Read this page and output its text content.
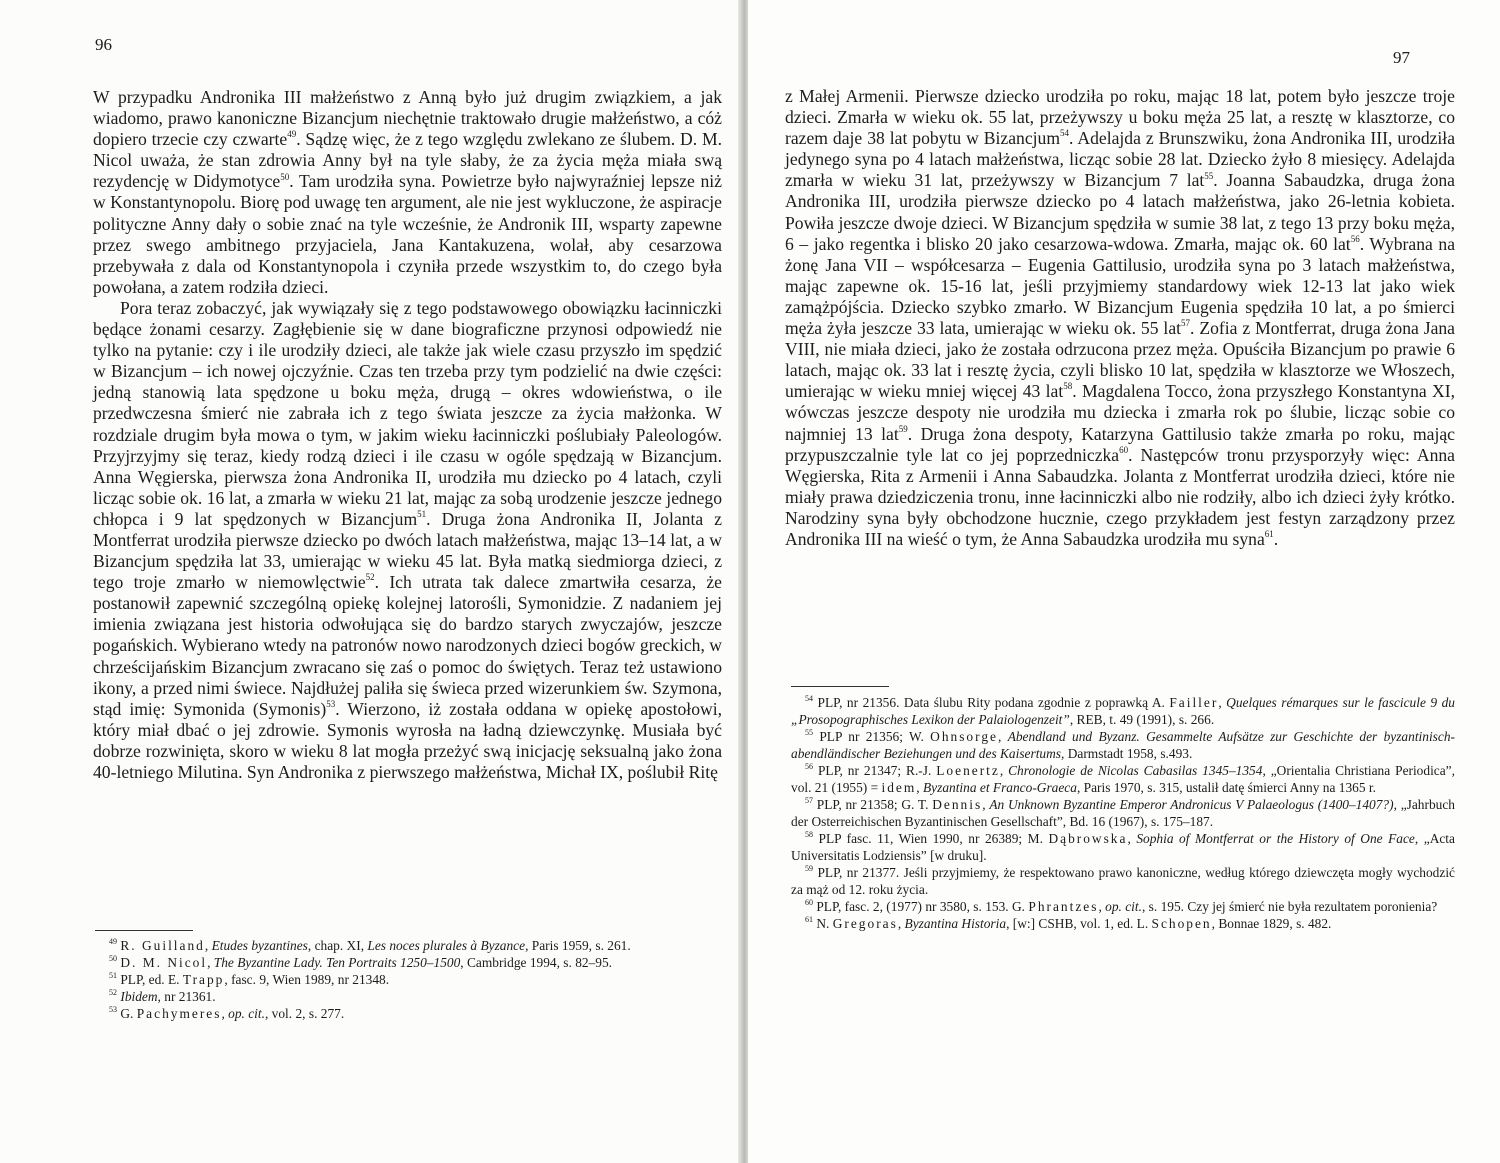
96

W przypadku Andronika III małżeństwo z Anną było już drugim związkiem, a jak wiadomo, prawo kanoniczne Bizancjum niechętnie traktowało drugie małżeństwo, a cóż dopiero trzecie czy czwarte$^{49}$. Sądzę więc, że z tego względu zwlekano ze ślubem. D. M. Nicol uważa, że stan zdrowia Anny był na tyle słaby, że za życia męża miała swą rezydencję w Didymotyce$^{50}$. Tam urodziła syna. Powietrze było najwyraźniej lepsze niż w Konstantynopolu. Biorę pod uwagę ten argument, ale nie jest wykluczone, że aspiracje polityczne Anny dały o sobie znać na tyle wcześnie, że Andronik III, wsparty zapewne przez swego ambitnego przyjaciela, Jana Kantakuzena, wolał, aby cesarzowa przebywała z dala od Konstantynopola i czyniła przede wszystkim to, do czego była powołana, a zatem rodziła dzieci.

Pora teraz zobaczyć, jak wywiązały się z tego podstawowego obowiązku łacinniczki będące żonami cesarzy. Zagłębienie się w dane biograficzne przynosi odpowiedź nie tylko na pytanie: czy i ile urodziły dzieci, ale także jak wiele czasu przyszło im spędzić w Bizancjum – ich nowej ojczyźnie. Czas ten trzeba przy tym podzielić na dwie części: jedną stanowią lata spędzone u boku męża, drugą – okres wdowieństwa, o ile przedwczesna śmierć nie zabrała ich z tego świata jeszcze za życia małżonka. W rozdziale drugim była mowa o tym, w jakim wieku łacinniczki poślubiały Paleologów. Przyjrzyjmy się teraz, kiedy rodzą dzieci i ile czasu w ogóle spędzają w Bizancjum. Anna Węgierska, pierwsza żona Andronika II, urodziła mu dziecko po 4 latach, czyli licząc sobie ok. 16 lat, a zmarła w wieku 21 lat, mając za sobą urodzenie jeszcze jednego chłopca i 9 lat spędzonych w Bizancjum$^{51}$. Druga żona Andronika II, Jolanta z Montferrat urodziła pierwsze dziecko po dwóch latach małżeństwa, mając 13–14 lat, a w Bizancjum spędziła lat 33, umierając w wieku 45 lat. Była matką siedmiorga dzieci, z tego troje zmarło w niemowlęctwie$^{52}$. Ich utrata tak dalece zmartwiła cesarza, że postanowił zapewnić szczególną opiekę kolejnej latorośli, Symonidzie. Z nadaniem jej imienia związana jest historia odwołująca się do bardzo starych zwyczajów, jeszcze pogańskich. Wybierano wtedy na patronów nowo narodzonych dzieci bogów greckich, w chrześcijańskim Bizancjum zwracano się zaś o pomoc do świętych. Teraz też ustawiono ikony, a przed nimi świece. Najdłużej paliła się świeca przed wizerunkiem św. Szymona, stąd imię: Symonida (Symonis)$^{53}$. Wierzono, iż została oddana w opiekę apostołowi, który miał dbać o jej zdrowie. Symonis wyrosła na ładną dziewczynkę. Musiała być dobrze rozwinięta, skoro w wieku 8 lat mogła przeżyć swą inicjację seksualną jako żona 40-letniego Milutina. Syn Andronika z pierwszego małżeństwa, Michał IX, poślubił Ritę

$^{49}$ R. Guilland, Etudes byzantines, chap. XI, Les noces plurales à Byzance, Paris 1959, s. 261.

$^{50}$ D. M. Nicol, The Byzantine Lady. Ten Portraits 1250–1500, Cambridge 1994, s. 82–95.

$^{51}$ PLP, ed. E. Trapp, fasc. 9, Wien 1989, nr 21348.

$^{52}$ Ibidem, nr 21361.

$^{53}$ G. Pachymeres, op. cit., vol. 2, s. 277.

97

z Małej Armenii. Pierwsze dziecko urodziła po roku, mając 18 lat, potem było jeszcze troje dzieci. Zmarła w wieku ok. 55 lat, przeżywszy u boku męża 25 lat, a resztę w klasztorze, co razem daje 38 lat pobytu w Bizancjum$^{54}$. Adelajda z Brunszwiku, żona Andronika III, urodziła jedynego syna po 4 latach małżeństwa, licząc sobie 28 lat. Dziecko żyło 8 miesięcy. Adelajda zmarła w wieku 31 lat, przeżywszy w Bizancjum 7 lat$^{55}$. Joanna Sabaudzka, druga żona Andronika III, urodziła pierwsze dziecko po 4 latach małżeństwa, jako 26-letnia kobieta. Powiła jeszcze dwoje dzieci. W Bizancjum spędziła w sumie 38 lat, z tego 13 przy boku męża, 6 – jako regentka i blisko 20 jako cesarzowa-wdowa. Zmarła, mając ok. 60 lat$^{56}$. Wybrana na żonę Jana VII – współcesarza – Eugenia Gattilusio, urodziła syna po 3 latach małżeństwa, mając zapewne ok. 15-16 lat, jeśli przyjmiemy standardowy wiek 12-13 lat jako wiek zamążpójścia. Dziecko szybko zmarło. W Bizancjum Eugenia spędziła 10 lat, a po śmierci męża żyła jeszcze 33 lata, umierając w wieku ok. 55 lat$^{57}$. Zofia z Montferrat, druga żona Jana VIII, nie miała dzieci, jako że została odrzucona przez męża. Opuściła Bizancjum po prawie 6 latach, mając ok. 33 lat i resztę życia, czyli blisko 10 lat, spędziła w klasztorze we Włoszech, umierając w wieku mniej więcej 43 lat$^{58}$. Magdalena Tocco, żona przyszłego Konstantyna XI, wówczas jeszcze despoty nie urodziła mu dziecka i zmarła rok po ślubie, licząc sobie co najmniej 13 lat$^{59}$. Druga żona despoty, Katarzyna Gattilusio także zmarła po roku, mając przypuszczalnie tyle lat co jej poprzedniczka$^{60}$. Następców tronu przysporzyły więc: Anna Węgierska, Rita z Armenii i Anna Sabaudzka. Jolanta z Montferrat urodziła dzieci, które nie miały prawa dziedziczenia tronu, inne łacinniczki albo nie rodziły, albo ich dzieci żyły krótko. Narodziny syna były obchodzone hucznie, czego przykładem jest festyn zarządzony przez Andronika III na wieść o tym, że Anna Sabaudzka urodziła mu syna$^{61}$.

$^{54}$ PLP, nr 21356. Data ślubu Rity podana zgodnie z poprawką A. Failler, Quelques rémarques sur le fascicule 9 du „Prosopographisches Lexikon der Palaiologenzeit”, REB, t. 49 (1991), s. 266.

$^{55}$ PLP nr 21356; W. Ohnsorge, Abendland und Byzanz. Gesammelte Aufsätze zur Geschichte der byzantinisch-abendländischer Beziehungen und des Kaisertums, Darmstadt 1958, s.493.

$^{56}$ PLP, nr 21347; R.-J. Loenertz, Chronologie de Nicolas Cabasilas 1345–1354, „Orientalia Christiana Periodica”, vol. 21 (1955) = idem, Byzantina et Franco-Graeca, Paris 1970, s. 315, ustalił datę śmierci Anny na 1365 r.

$^{57}$ PLP, nr 21358; G. T. Dennis, An Unknown Byzantine Emperor Andronicus V Palaeologus (1400–1407?), „Jahrbuch der Osterreichischen Byzantinischen Gesellschaft”, Bd. 16 (1967), s. 175–187.

$^{58}$ PLP fasc. 11, Wien 1990, nr 26389; M. Dąbrowska, Sophia of Montferrat or the History of One Face, „Acta Universitatis Lodziensis” [w druku].

$^{59}$ PLP, nr 21377. Jeśli przyjmiemy, że respektowano prawo kanoniczne, według którego dziewczęta mogły wychodzić za mąż od 12. roku życia.

$^{60}$ PLP, fasc. 2, (1977) nr 3580, s. 153. G. Phrantzes, op. cit., s. 195. Czy jej śmierć nie była rezultatem poronienia?

$^{61}$ N. Gregoras, Byzantina Historia, [w:] CSHB, vol. 1, ed. L. Schopen, Bonnae 1829, s. 482.
